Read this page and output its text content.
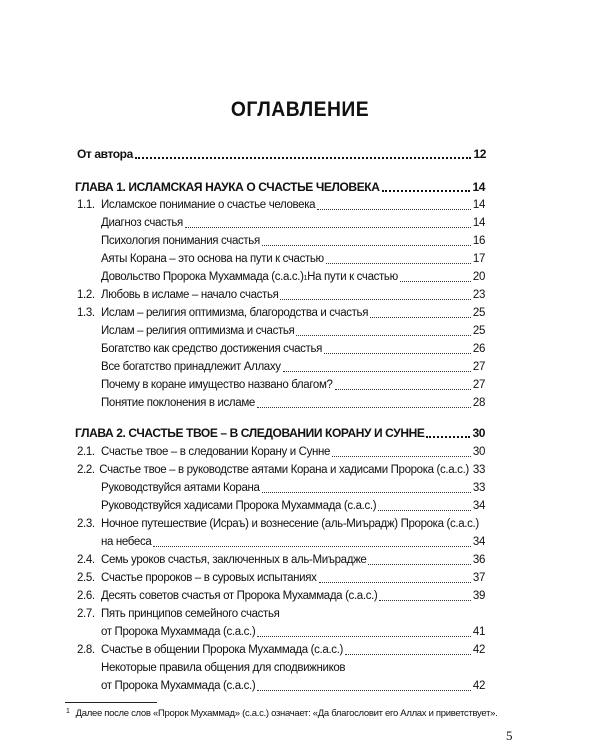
ОГЛАВЛЕНИЕ
От автора	12
ГЛАВА 1. ИСЛАМСКАЯ НАУКА О СЧАСТЬЕ ЧЕЛОВЕКА	14
1.1. Исламское понимание о счастье человека	14
Диагноз счастья	14
Психология понимания счастья	16
Аяты Корана – это основа на пути к счастью	17
Довольство Пророка Мухаммада (с.а.с.) 1 На пути к счастью	20
1.2. Любовь в исламе – начало счастья	23
1.3. Ислам – религия оптимизма, благородства и счастья	25
Ислам – религия оптимизма и счастья	25
Богатство как средство достижения счастья	26
Все богатство принадлежит Аллаху	27
Почему в коране имущество названо благом?	27
Понятие поклонения в исламе	28
ГЛАВА 2. СЧАСТЬЕ ТВОЕ – В СЛЕДОВАНИИ КОРАНУ И СУННЕ	30
2.1. Счастье твое – в следовании Корану и Сунне	30
2.2. Счастье твое – в руководстве аятами Корана и хадисами Пророка (с.а.с.) 33
Руководствуйся аятами Корана	33
Руководствуйся хадисами Пророка Мухаммада (с.а.с.)	34
2.3. Ночное путешествие (Исраъ) и вознесение (аль-Миърадж) Пророка (с.а.с.)
на небеса	34
2.4. Семь уроков счастья, заключенных в аль-Миърадже	36
2.5. Счастье пророков – в суровых испытаниях	37
2.6. Десять советов счастья от Пророка Мухаммада (с.а.с.)	39
2.7. Пять принципов семейного счастья
от Пророка Мухаммада (с.а.с.)	41
2.8. Счастье в общении Пророка Мухаммада (с.а.с.)	42
Некоторые правила общения для сподвижников
от Пророка Мухаммада (с.а.с.)	42
$^1$ Далее после слов «Пророк Мухаммад» (с.а.с.) означает: «Да благословит его Аллах и приветствует».
5
